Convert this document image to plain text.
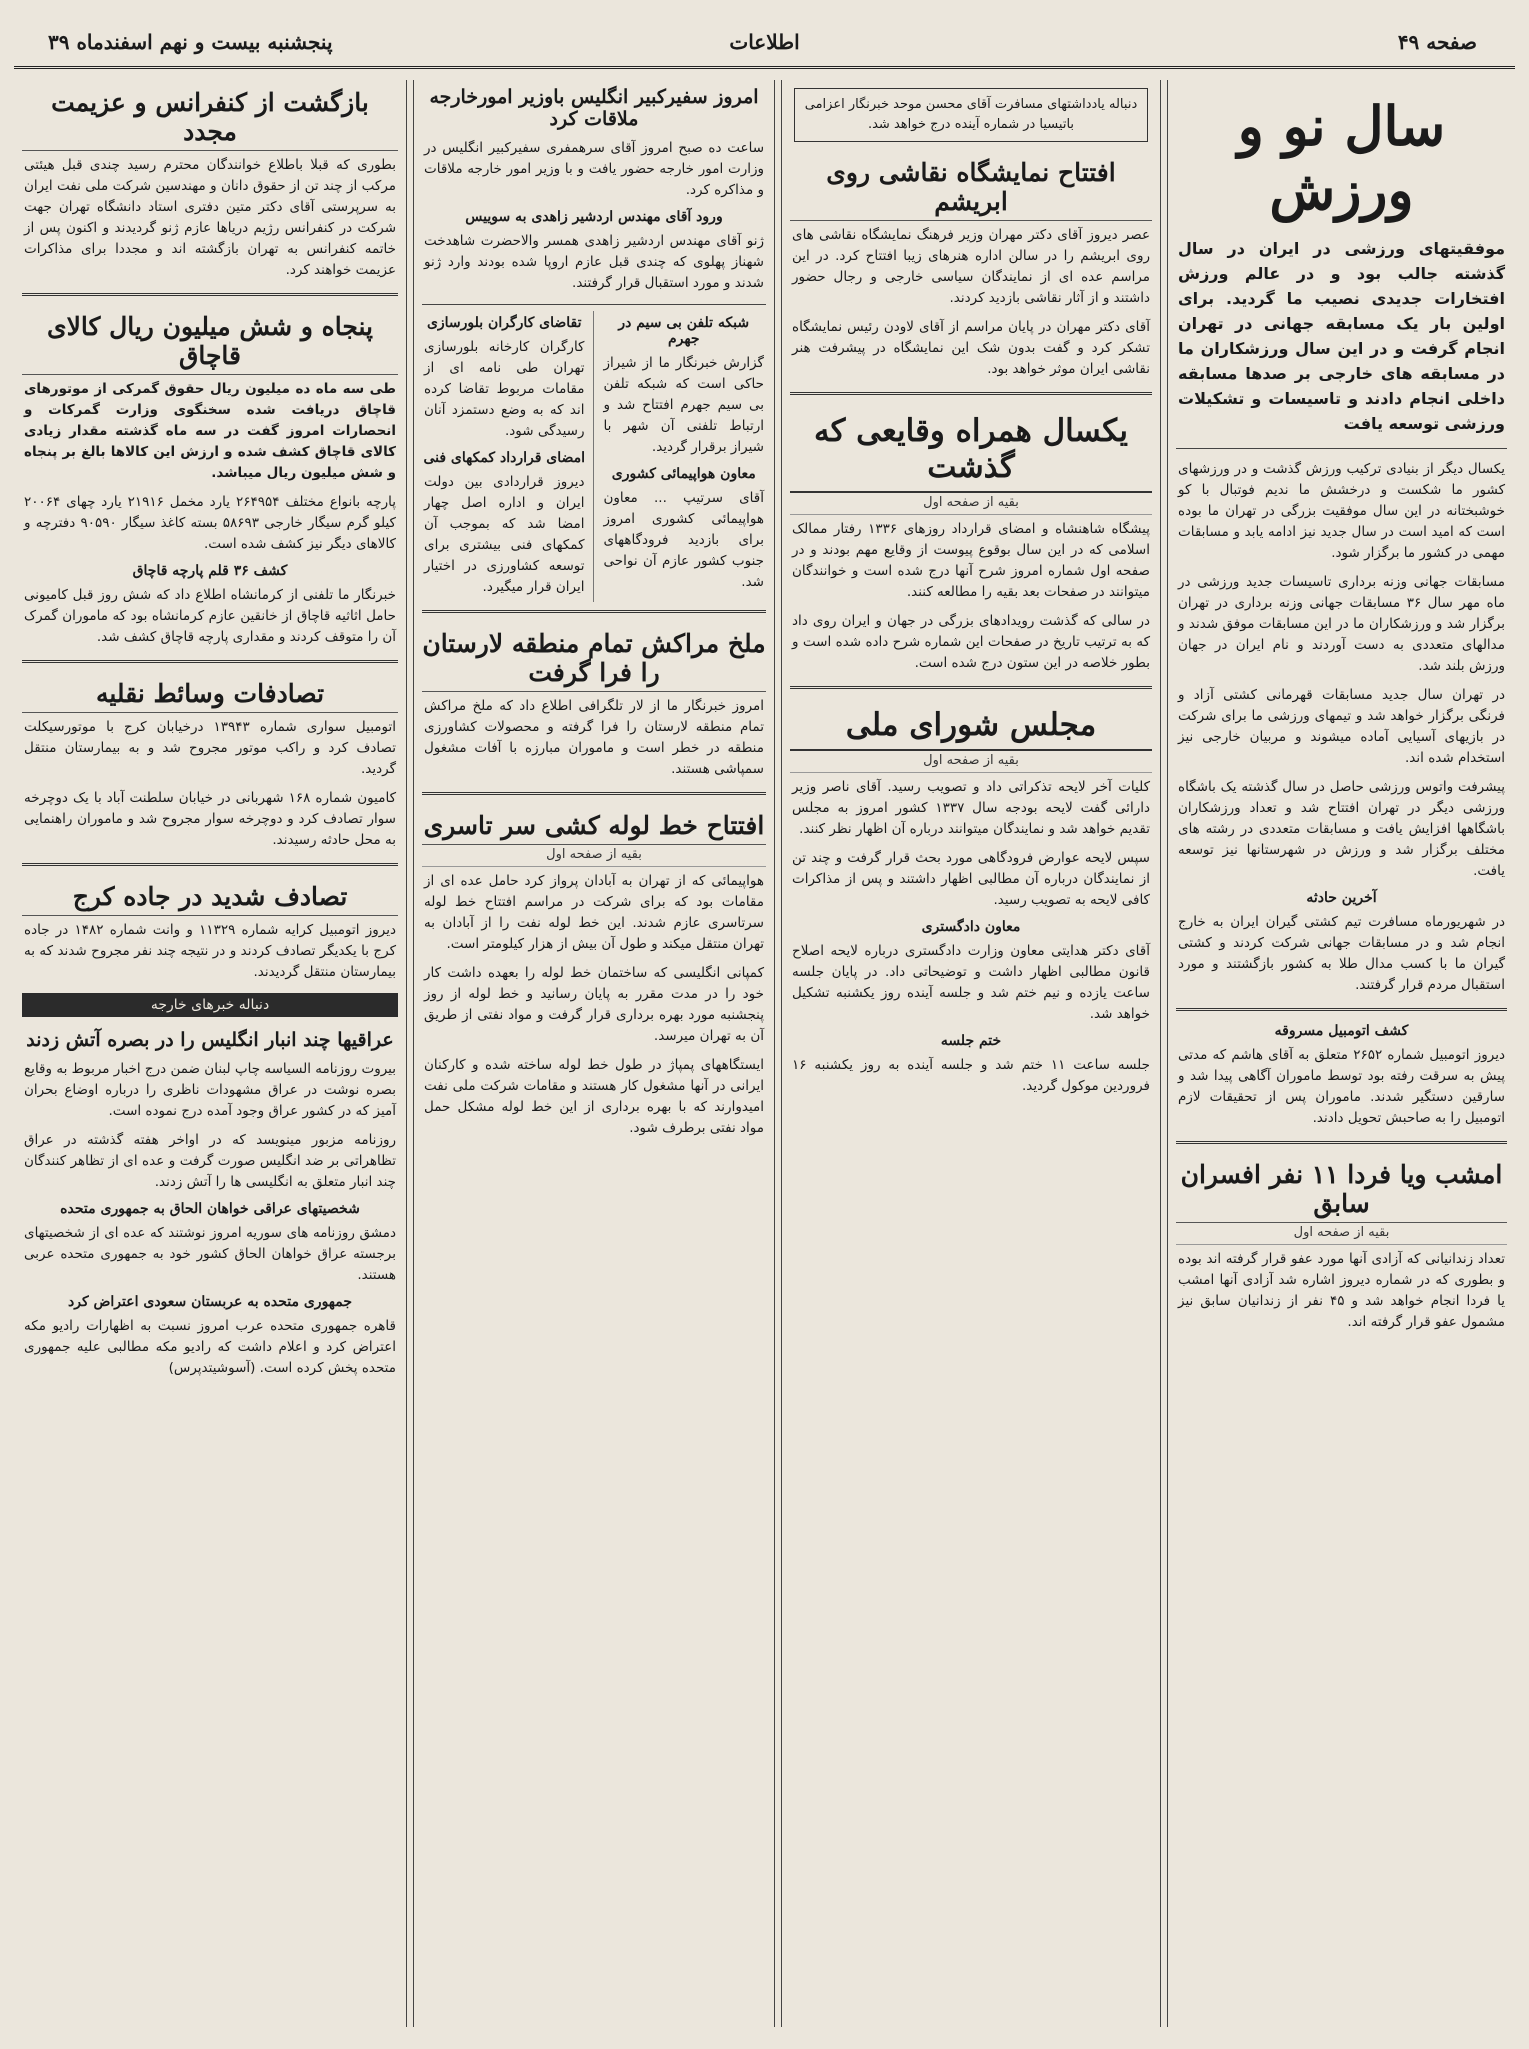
صفحه ۴۹
اطلاعات
پنجشنبه بیست و نهم اسفندماه ۳۹
سال نو و ورزش
موفقیتهای ورزشی در ایران در سال گذشته جالب بود و در عالم ورزش افتخارات جدیدی نصیب ما گردید. برای اولین بار یک مسابقه جهانی در تهران انجام گرفت و در این سال ورزشکاران ما در مسابقه های خارجی بر صدها مسابقه داخلی انجام دادند و تاسیسات و تشکیلات ورزشی توسعه یافت

یکسال دیگر از بنیادی ترکیب ورزش گذشت و در ورزشهای کشور ما شکست و درخشش ما ندیم فوتبال با کو خوشبختانه در این سال موفقیت بزرگی در تهران ما بوده است که امید است در سال جدید نیز ادامه یابد و مسابقات مهمی در کشور ما برگزار شود.

مسابقات جهانی وزنه برداری تاسیسات جدید ورزشی در ماه مهر سال ۳۶ مسابقات جهانی وزنه برداری در تهران برگزار شد و ورزشکاران ما در این مسابقات موفق شدند و مدالهای متعددی به دست آوردند و نام ایران در جهان ورزش بلند شد.

در تهران سال جدید مسابقات قهرمانی کشتی آزاد و فرنگی برگزار خواهد شد و تیمهای ورزشی ما برای شرکت در بازیهای آسیایی آماده میشوند و مربیان خارجی نیز استخدام شده اند.

پیشرفت واتوس ورزشی حاصل در سال گذشته یک باشگاه ورزشی دیگر در تهران افتتاح شد و تعداد ورزشکاران باشگاهها افزایش یافت و مسابقات متعددی در رشته های مختلف برگزار شد و ورزش در شهرستانها نیز توسعه یافت.

آخرین حادثه

در شهریورماه مسافرت تیم کشتی گیران ایران به خارج انجام شد و در مسابقات جهانی شرکت کردند و کشتی گیران ما با کسب مدال طلا به کشور بازگشتند و مورد استقبال مردم قرار گرفتند.

کشف اتومبیل مسروقه

دیروز اتومبیل شماره ۲۶۵۲ متعلق به آقای هاشم که مدتی پیش به سرقت رفته بود توسط ماموران آگاهی پیدا شد و سارقین دستگیر شدند. ماموران پس از تحقیقات لازم اتومبیل را به صاحبش تحویل دادند.

امشب ویا فردا ۱۱ نفر افسران سابق
بقیه از صفحه اول

تعداد زندانیانی که آزادی آنها مورد عفو قرار گرفته اند بوده و بطوری که در شماره دیروز اشاره شد آزادی آنها امشب یا فردا انجام خواهد شد و ۴۵ نفر از زندانیان سابق نیز مشمول عفو قرار گرفته اند.

دنباله یادداشتهای مسافرت آقای محسن موحد خبرنگار اعزامی باتیسیا در شماره آینده درج خواهد شد.
افتتاح نمایشگاه نقاشی روی ابریشم

عصر دیروز آقای دکتر مهران وزیر فرهنگ نمایشگاه نقاشی های روی ابریشم را در سالن اداره هنرهای زیبا افتتاح کرد. در این مراسم عده ای از نمایندگان سیاسی خارجی و رجال حضور داشتند و از آثار نقاشی بازدید کردند.

آقای دکتر مهران در پایان مراسم از آقای لاودن رئیس نمایشگاه تشکر کرد و گفت بدون شک این نمایشگاه در پیشرفت هنر نقاشی ایران موثر خواهد بود.

یکسال همراه وقایعی که گذشت
بقیه از صفحه اول

پیشگاه شاهنشاه و امضای قرارداد روزهای ۱۳۳۶ رفتار ممالک اسلامی که در این سال بوقوع پیوست از وقایع مهم بودند و در صفحه اول شماره امروز شرح آنها درج شده است و خوانندگان میتوانند در صفحات بعد بقیه را مطالعه کنند.

در سالی که گذشت رویدادهای بزرگی در جهان و ایران روی داد که به ترتیب تاریخ در صفحات این شماره شرح داده شده است و بطور خلاصه در این ستون درج شده است.

مجلس شورای ملی
بقیه از صفحه اول

کلیات آخر لایحه تذکراتی داد و تصویب رسید. آقای ناصر وزیر دارائی گفت لایحه بودجه سال ۱۳۳۷ کشور امروز به مجلس تقدیم خواهد شد و نمایندگان میتوانند درباره آن اظهار نظر کنند.

سپس لایحه عوارض فرودگاهی مورد بحث قرار گرفت و چند تن از نمایندگان درباره آن مطالبی اظهار داشتند و پس از مذاکرات کافی لایحه به تصویب رسید.

معاون دادگستری

آقای دکتر هدایتی معاون وزارت دادگستری درباره لایحه اصلاح قانون مطالبی اظهار داشت و توضیحاتی داد. در پایان جلسه ساعت یازده و نیم ختم شد و جلسه آینده روز یکشنبه تشکیل خواهد شد.

ختم جلسه

جلسه ساعت ۱۱ ختم شد و جلسه آینده به روز یکشنبه ۱۶ فروردین موکول گردید.

امروز سفیرکبیر انگلیس باوزیر امورخارجه ملاقات کرد

ساعت ده صبح امروز آقای سرهمفری سفیرکبیر انگلیس در وزارت امور خارجه حضور یافت و با وزیر امور خارجه ملاقات و مذاکره کرد.

ورود آقای مهندس اردشیر زاهدی به سوییس

ژنو آقای مهندس اردشیر زاهدی همسر والاحضرت شاهدخت شهناز پهلوی که چندی قبل عازم اروپا شده بودند وارد ژنو شدند و مورد استقبال قرار گرفتند.

شبکه تلفن بی سیم در جهرم

گزارش خبرنگار ما از شیراز حاکی است که شبکه تلفن بی سیم جهرم افتتاح شد و ارتباط تلفنی آن شهر با شیراز برقرار گردید.

معاون هواپیمائی کشوری

آقای سرتیپ ... معاون هواپیمائی کشوری امروز برای بازدید فرودگاههای جنوب کشور عازم آن نواحی شد.

تقاضای کارگران بلورسازی

کارگران کارخانه بلورسازی تهران طی نامه ای از مقامات مربوط تقاضا کرده اند که به وضع دستمزد آنان رسیدگی شود.

امضای قرارداد کمکهای فنی

دیروز قراردادی بین دولت ایران و اداره اصل چهار امضا شد که بموجب آن کمکهای فنی بیشتری برای توسعه کشاورزی در اختیار ایران قرار میگیرد.

ملخ مراکش تمام منطقه لارستان را فرا گرفت

امروز خبرنگار ما از لار تلگرافی اطلاع داد که ملخ مراکش تمام منطقه لارستان را فرا گرفته و محصولات کشاورزی منطقه در خطر است و ماموران مبارزه با آفات مشغول سمپاشی هستند.

افتتاح خط لوله کشی سر تاسری
بقیه از صفحه اول

هواپیمائی که از تهران به آبادان پرواز کرد حامل عده ای از مقامات بود که برای شرکت در مراسم افتتاح خط لوله سرتاسری عازم شدند. این خط لوله نفت را از آبادان به تهران منتقل میکند و طول آن بیش از هزار کیلومتر است.

کمپانی انگلیسی که ساختمان خط لوله را بعهده داشت کار خود را در مدت مقرر به پایان رسانید و خط لوله از روز پنجشنبه مورد بهره برداری قرار گرفت و مواد نفتی از طریق آن به تهران میرسد.

ایستگاههای پمپاژ در طول خط لوله ساخته شده و کارکنان ایرانی در آنها مشغول کار هستند و مقامات شرکت ملی نفت امیدوارند که با بهره برداری از این خط لوله مشکل حمل مواد نفتی برطرف شود.

بازگشت از کنفرانس و عزیمت مجدد

بطوری که قبلا باطلاع خوانندگان محترم رسید چندی قبل هیئتی مرکب از چند تن از حقوق دانان و مهندسین شرکت ملی نفت ایران به سرپرستی آقای دکتر متین دفتری استاد دانشگاه تهران جهت شرکت در کنفرانس رژیم دریاها عازم ژنو گردیدند و اکنون پس از خاتمه کنفرانس به تهران بازگشته اند و مجددا برای مذاکرات عزیمت خواهند کرد.

پنجاه و شش میلیون ریال کالای قاچاق

طی سه ماه ده میلیون ریال حقوق گمرکی از موتورهای قاچاق دریافت شده سخنگوی وزارت گمرکات و انحصارات امروز گفت در سه ماه گذشته مقدار زیادی کالای قاچاق کشف شده و ارزش این کالاها بالغ بر پنجاه و شش میلیون ریال میباشد.

پارچه بانواع مختلف ۲۶۴۹۵۴ یارد مخمل ۲۱۹۱۶ یارد چهای ۲۰۰۶۴ کیلو گرم سیگار خارجی ۵۸۶۹۳ بسته کاغذ سیگار ۹۰۵۹۰ دفترچه و کالاهای دیگر نیز کشف شده است.

کشف ۳۶ قلم پارچه قاچاق

خبرنگار ما تلفنی از کرمانشاه اطلاع داد که شش روز قبل کامیونی حامل اثاثیه قاچاق از خانقین عازم کرمانشاه بود که ماموران گمرک آن را متوقف کردند و مقداری پارچه قاچاق کشف شد.

تصادفات وسائط نقلیه

اتومبیل سواری شماره ۱۳۹۴۳ درخیابان کرج با موتورسیکلت تصادف کرد و راکب موتور مجروح شد و به بیمارستان منتقل گردید.

کامیون شماره ۱۶۸ شهربانی در خیابان سلطنت آباد با یک دوچرخه سوار تصادف کرد و دوچرخه سوار مجروح شد و ماموران راهنمایی به محل حادثه رسیدند.

تصادف شدید در جاده کرج

دیروز اتومبیل کرایه شماره ۱۱۳۲۹ و وانت شماره ۱۴۸۲ در جاده کرج با یکدیگر تصادف کردند و در نتیجه چند نفر مجروح شدند که به بیمارستان منتقل گردیدند.

دنباله خبرهای خارجه
عراقیها چند انبار انگلیس را در بصره آتش زدند

بیروت روزنامه السیاسه چاپ لبنان ضمن درج اخبار مربوط به وقایع بصره نوشت در عراق مشهودات ناظری را درباره اوضاع بحران آمیز که در کشور عراق وجود آمده درج نموده است.

روزنامه مزبور مینویسد که در اواخر هفته گذشته در عراق تظاهراتی بر ضد انگلیس صورت گرفت و عده ای از تظاهر کنندگان چند انبار متعلق به انگلیسی ها را آتش زدند.

شخصیتهای عراقی خواهان الحاق به جمهوری متحده

دمشق روزنامه های سوریه امروز نوشتند که عده ای از شخصیتهای برجسته عراق خواهان الحاق کشور خود به جمهوری متحده عربی هستند.

جمهوری متحده به عربستان سعودی اعتراض کرد

قاهره جمهوری متحده عرب امروز نسبت به اظهارات رادیو مکه اعتراض کرد و اعلام داشت که رادیو مکه مطالبی علیه جمهوری متحده پخش کرده است. (آسوشیتدپرس)
